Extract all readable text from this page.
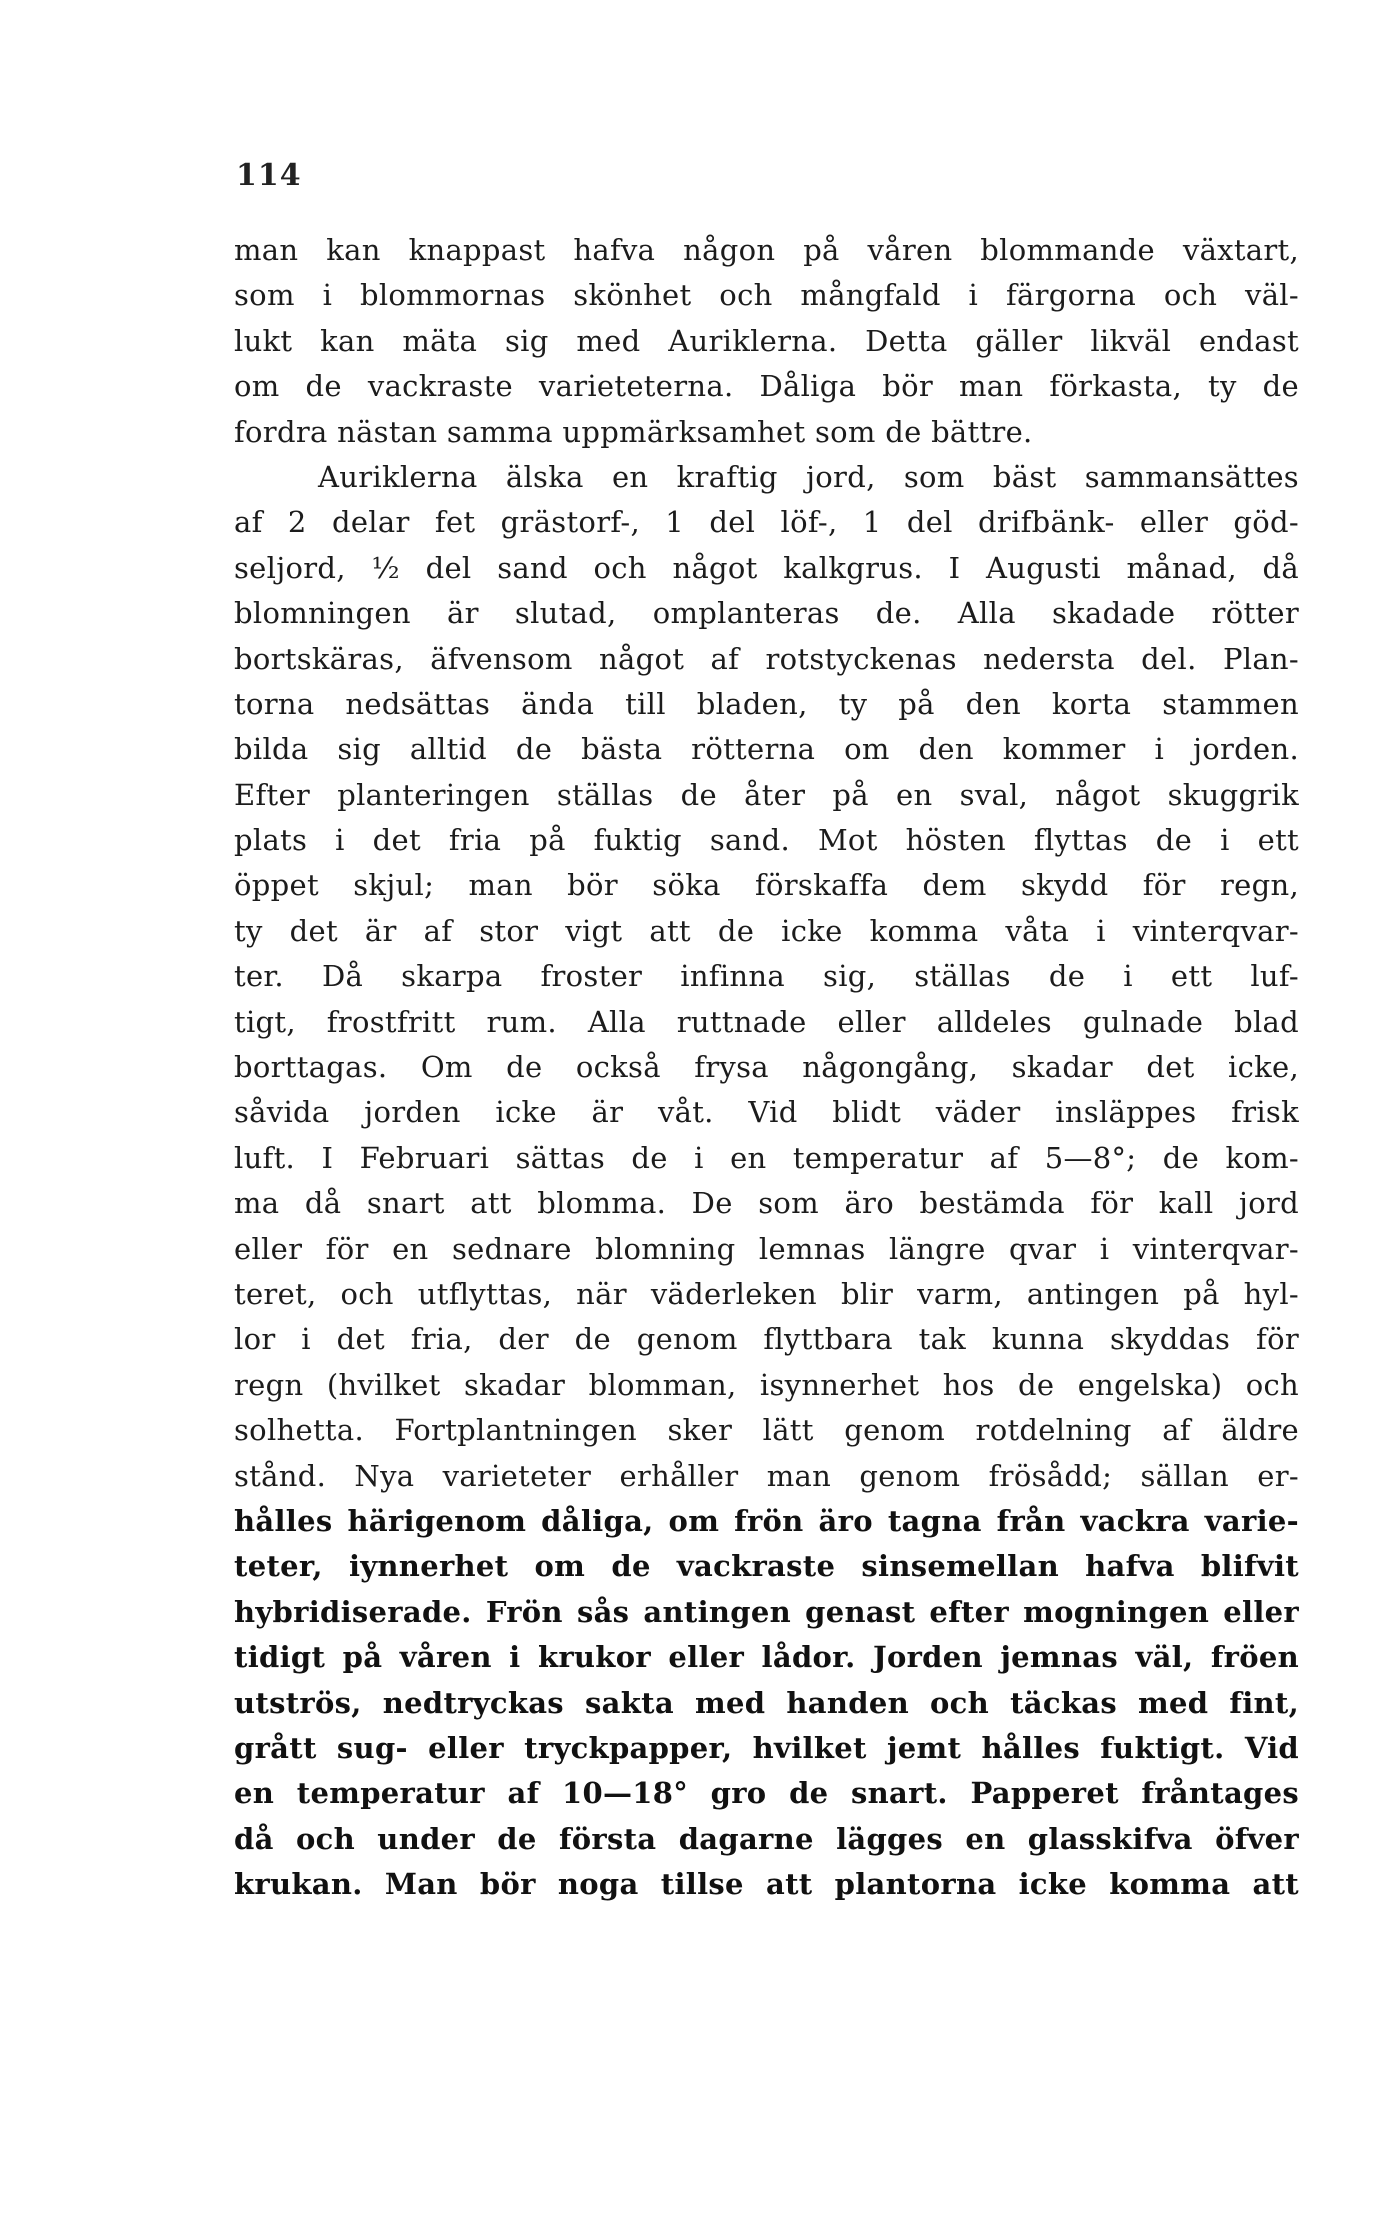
114
man kan knappast hafva någon på våren blommande växtart,
som i blommornas skönhet och mångfald i färgorna och väl-
lukt kan mäta sig med Auriklerna. Detta gäller likväl endast
om de vackraste varieteterna. Dåliga bör man förkasta, ty de
fordra nästan samma uppmärksamhet som de bättre.
Auriklerna älska en kraftig jord, som bäst sammansättes
af 2 delar fet grästorf-, 1 del löf-, 1 del drifbänk- eller göd-
seljord, ½ del sand och något kalkgrus. I Augusti månad, då
blomningen är slutad, omplanteras de. Alla skadade rötter
bortskäras, äfvensom något af rotstyckenas nedersta del. Plan-
torna nedsättas ända till bladen, ty på den korta stammen
bilda sig alltid de bästa rötterna om den kommer i jorden.
Efter planteringen ställas de åter på en sval, något skuggrik
plats i det fria på fuktig sand. Mot hösten flyttas de i ett
öppet skjul; man bör söka förskaffa dem skydd för regn,
ty det är af stor vigt att de icke komma våta i vinterqvar-
ter. Då skarpa froster infinna sig, ställas de i ett luf-
tigt, frostfritt rum. Alla ruttnade eller alldeles gulnade blad
borttagas. Om de också frysa någongång, skadar det icke,
såvida jorden icke är våt. Vid blidt väder insläppes frisk
luft. I Februari sättas de i en temperatur af 5—8°; de kom-
ma då snart att blomma. De som äro bestämda för kall jord
eller för en sednare blomning lemnas längre qvar i vinterqvar-
teret, och utflyttas, när väderleken blir varm, antingen på hyl-
lor i det fria, der de genom flyttbara tak kunna skyddas för
regn (hvilket skadar blomman, isynnerhet hos de engelska) och
solhetta. Fortplantningen sker lätt genom rotdelning af äldre
stånd. Nya varieteter erhåller man genom frösådd; sällan er-
hålles härigenom dåliga, om frön äro tagna från vackra varie-
teter, iynnerhet om de vackraste sinsemellan hafva blifvit
hybridiserade. Frön sås antingen genast efter mogningen eller
tidigt på våren i krukor eller lådor. Jorden jemnas väl, fröen
utströs, nedtryckas sakta med handen och täckas med fint,
grått sug- eller tryckpapper, hvilket jemt hålles fuktigt. Vid
en temperatur af 10—18° gro de snart. Papperet fråntages
då och under de första dagarne lägges en glasskifva öfver
krukan. Man bör noga tillse att plantorna icke komma att
